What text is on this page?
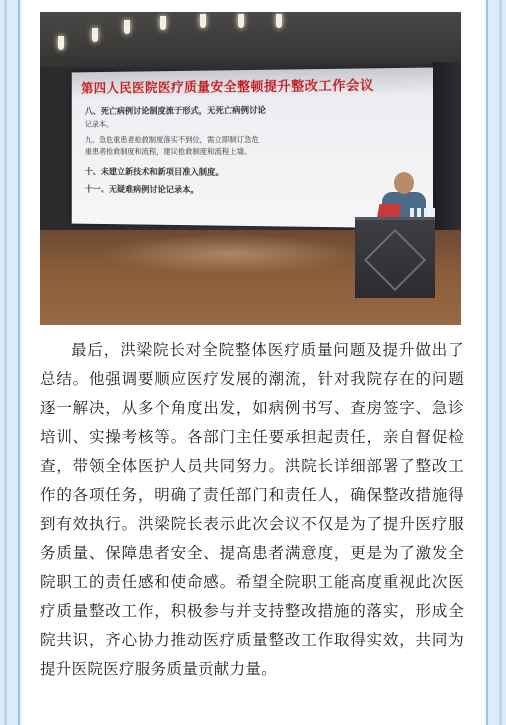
第四人民医院医疗质量安全整顿提升整改工作会议
八、死亡病例讨论制度流于形式，无死亡病例讨论
记录本。
九、急危重患者抢救制度落实不到位，需立即制订急危
重患者抢救制度和流程，建议抢救制度和流程上墙。
十、未建立新技术和新项目准入制度。
十一、无疑难病例讨论记录本。

最后，洪梁院长对全院整体医疗质量问题及提升做出了总结。他强调要顺应医疗发展的潮流，针对我院存在的问题逐一解决，从多个角度出发，如病例书写、查房签字、急诊培训、实操考核等。各部门主任要承担起责任，亲自督促检查，带领全体医护人员共同努力。洪院长详细部署了整改工作的各项任务，明确了责任部门和责任人，确保整改措施得到有效执行。洪梁院长表示此次会议不仅是为了提升医疗服务质量、保障患者安全、提高患者满意度，更是为了激发全院职工的责任感和使命感。希望全院职工能高度重视此次医疗质量整改工作，积极参与并支持整改措施的落实，形成全院共识，齐心协力推动医疗质量整改工作取得实效，共同为提升医院医疗服务质量贡献力量。
